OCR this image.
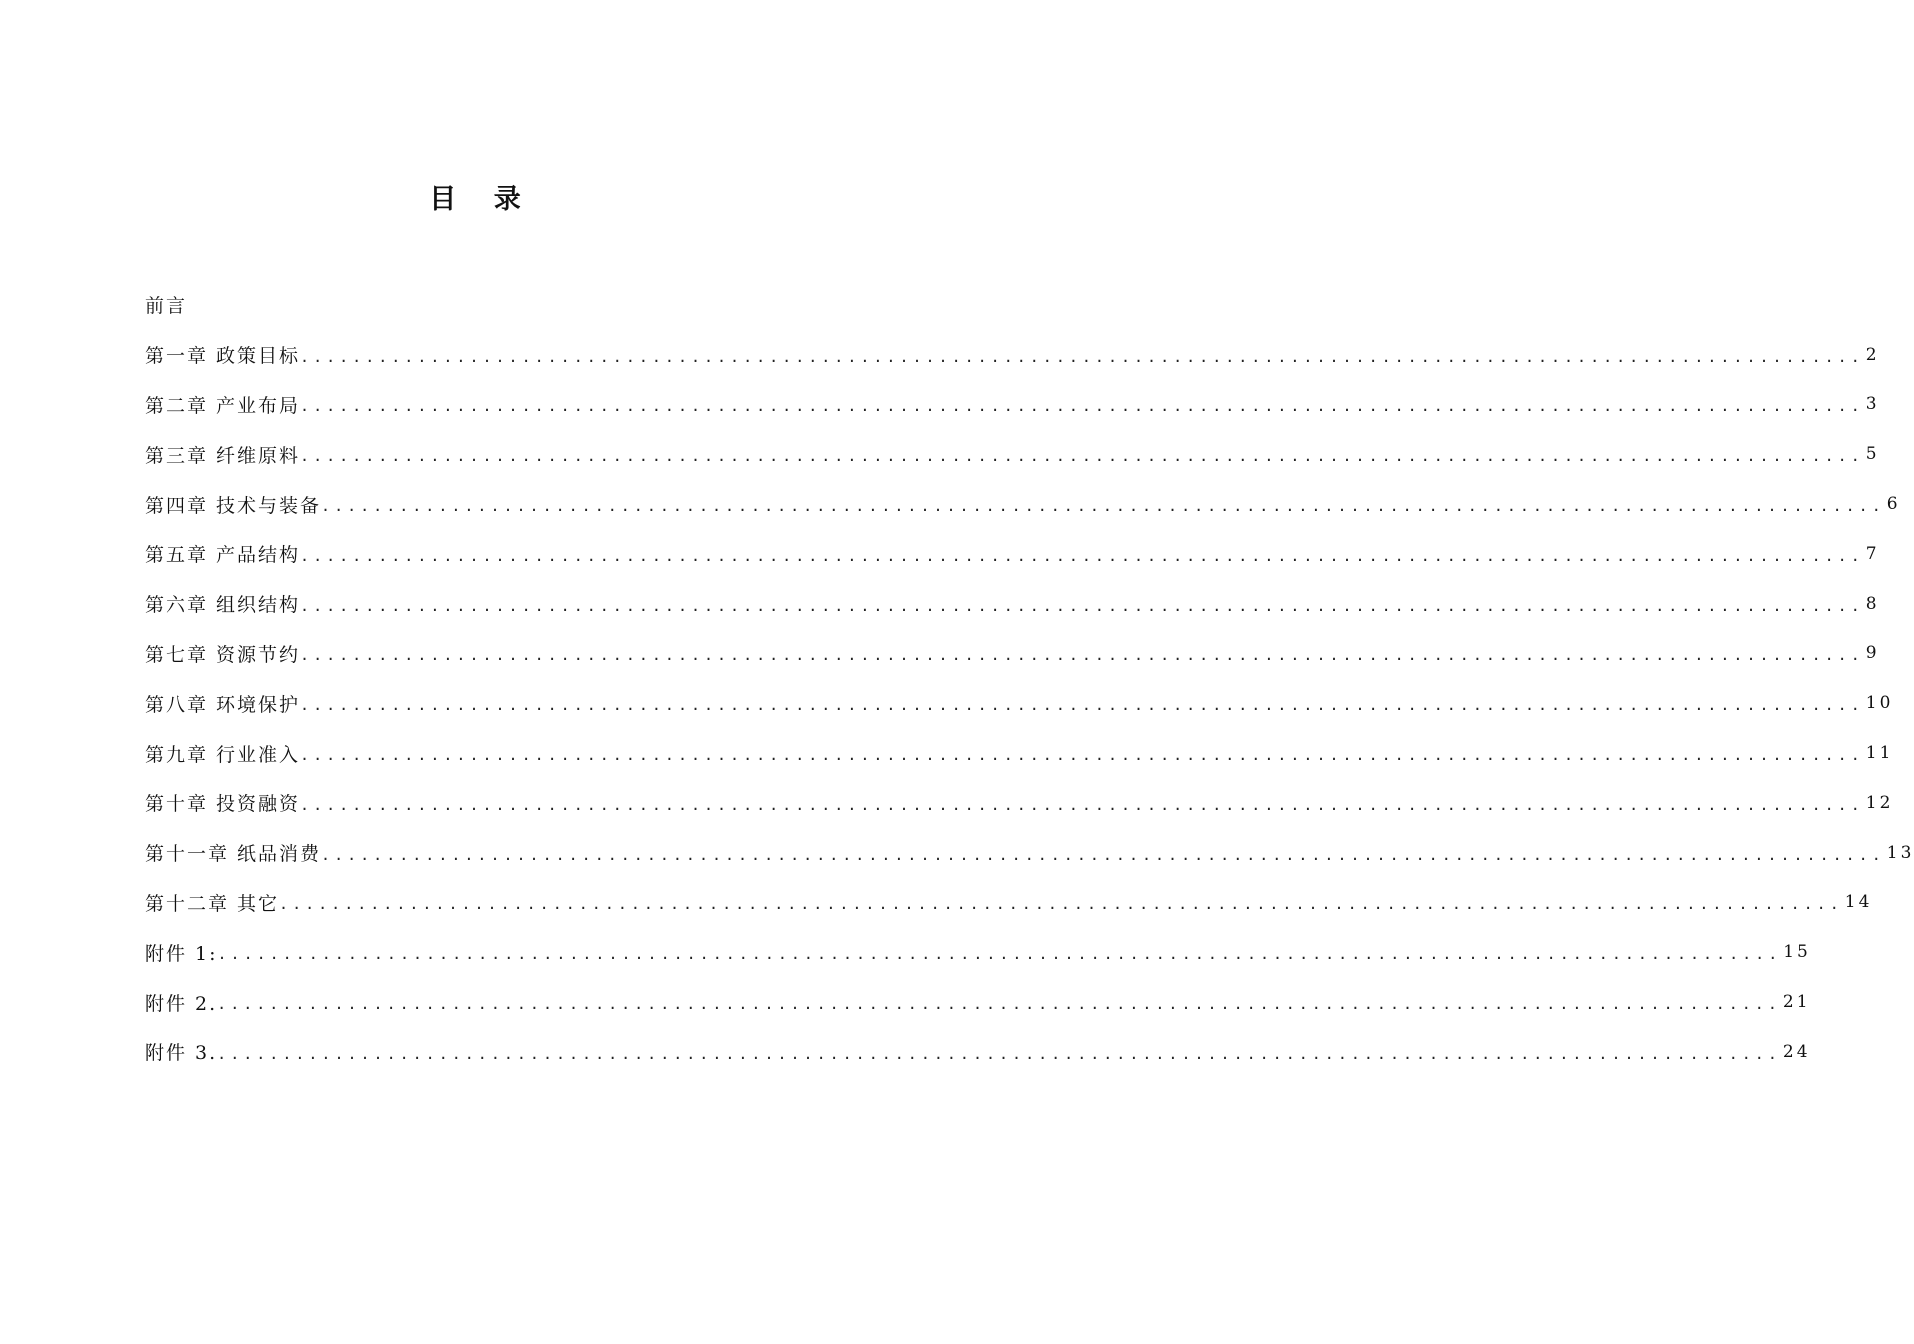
目 录
前言
第一章 政策目标 ........................................................................................................................ 2
第二章 产业布局 ........................................................................................................................ 3
第三章 纤维原料 ........................................................................................................................ 5
第四章 技术与装备 ........................................................................................................................ 6
第五章 产品结构 ........................................................................................................................ 7
第六章 组织结构 ........................................................................................................................ 8
第七章 资源节约 ........................................................................................................................ 9
第八章 环境保护 ........................................................................................................................ 10
第九章 行业准入 ........................................................................................................................ 11
第十章 投资融资 ........................................................................................................................ 12
第十一章 纸品消费 ........................................................................................................................ 13
第十二章 其它 ........................................................................................................................ 14
附件 1: ........................................................................................................................ 15
附件 2. ........................................................................................................................ 21
附件 3. ........................................................................................................................ 24
